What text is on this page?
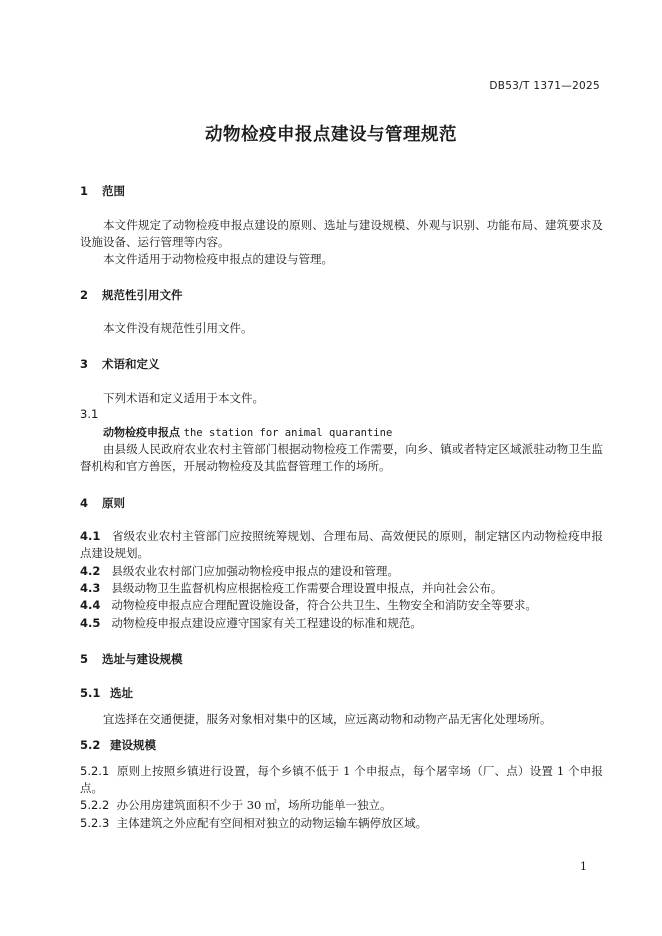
DB53/T 1371—2025
动物检疫申报点建设与管理规范
1 范围
本文件规定了动物检疫申报点建设的原则、选址与建设规模、外观与识别、功能布局、建筑要求及设施设备、运行管理等内容。
本文件适用于动物检疫申报点的建设与管理。
2 规范性引用文件
本文件没有规范性引用文件。
3 术语和定义
下列术语和定义适用于本文件。
3.1
动物检疫申报点 the station for animal quarantine
由县级人民政府农业农村主管部门根据动物检疫工作需要，向乡、镇或者特定区域派驻动物卫生监督机构和官方兽医，开展动物检疫及其监督管理工作的场所。
4 原则
4.1 省级农业农村主管部门应按照统筹规划、合理布局、高效便民的原则，制定辖区内动物检疫申报点建设规划。
4.2 县级农业农村部门应加强动物检疫申报点的建设和管理。
4.3 县级动物卫生监督机构应根据检疫工作需要合理设置申报点，并向社会公布。
4.4 动物检疫申报点应合理配置设施设备，符合公共卫生、生物安全和消防安全等要求。
4.5 动物检疫申报点建设应遵守国家有关工程建设的标准和规范。
5 选址与建设规模
5.1 选址
宜选择在交通便捷，服务对象相对集中的区域，应远离动物和动物产品无害化处理场所。
5.2 建设规模
5.2.1 原则上按照乡镇进行设置，每个乡镇不低于 1 个申报点，每个屠宰场（厂、点）设置 1 个申报点。
5.2.2 办公用房建筑面积不少于 30 ㎡，场所功能单一独立。
5.2.3 主体建筑之外应配有空间相对独立的动物运输车辆停放区域。
1
